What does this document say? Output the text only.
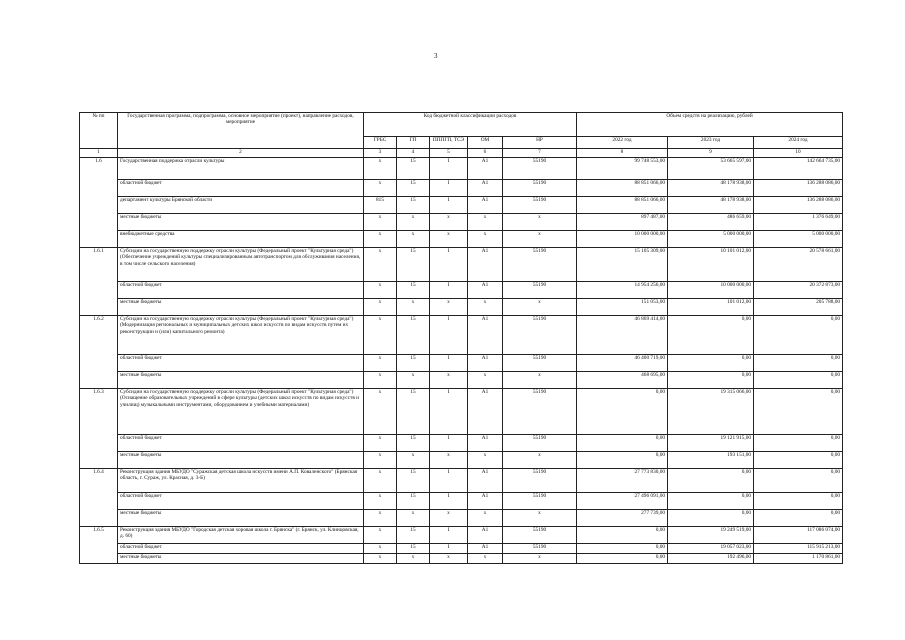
3
№ пп	Государственная программа, подпрограмма, основное мероприятие (проект), направление расходов, мероприятие	Код бюджетной классификации расходов					Объем средств на реализацию, рублей		
		ГРБС	ГП	ПППГП, ТСЭ	ОМ	НР	2022 год	2023 год	2024 год
1	2	3	4	5	6	7	8	9	10
1.6	Государственная поддержка отрасли культуры	х	15	I	А1	55190	99 748 553,00	53 665 597,00	142 664 735,00
	областной бюджет	х	15	I	А1	55190	88 851 066,00	48 178 938,00	136 288 086,00
	департамент культуры Брянской области	815	15	I	А1	55190	88 851 066,00	48 178 938,00	136 288 086,00
	местные бюджеты	х	х	х	х	х	897 487,00	486 659,00	1 376 649,00
	внебюджетные средства	х	х	х	х	х	10 000 000,00	5 000 000,00	5 000 000,00
1.6.1	Субсидии на государственную поддержку отрасли культуры (Федеральный проект "Культурная среда") (Обеспечение учреждений культуры специализированным автотранспортом для обслуживания населения, в том числе сельского населения)	х	15	I	А1	55190	15 105 309,00	10 101 012,00	20 578 661,00
	областной бюджет	х	15	I	А1	55190	14 954 256,00	10 000 000,00	20 372 873,00
	местные бюджеты	х	х	х	х	х	151 053,00	101 012,00	205 788,00
1.6.2	Субсидии на государственную поддержку отрасли культуры (Федеральный проект "Культурная среда") (Модернизация региональных и муниципальных детских школ искусств по видам искусств путем их реконструкции и (или) капитального ремонта)	х	15	I	А1	55190	46 869 414,00	0,00	0,00
	областной бюджет	х	15	I	А1	55190	46 400 719,00	0,00	0,00
	местные бюджеты	х	х	х	х	х	468 695,00	0,00	0,00
1.6.3	Субсидии на государственную поддержку отрасли культуры (Федеральный проект "Культурная среда") (Оснащение образовательных учреждений в сфере культуры (детских школ искусств по видам искусств и училищ) музыкальными инструментами, оборудованием и учебными материалами)	х	15	I	А1	55190	0,00	19 315 066,00	0,00
	областной бюджет	х	15	I	А1	55190	0,00	19 121 915,00	0,00
	местные бюджеты	х	х	х	х	х	0,00	193 151,00	0,00
1.6.4	Реконструкция здания МБУДО "Суражская детская школа искусств имени А.П. Коваленского" (Брянская область, г. Сураж, ул. Красная, д. 3-Б)	х	15	I	А1	55190	27 773 830,00	0,00	0,00
	областной бюджет	х	15	I	А1	55190	27 496 091,00	0,00	0,00
	местные бюджеты	х	х	х	х	х	277 739,00	0,00	0,00
1.6.5	Реконструкция здания МБУДО "Городская детская хоровая школа г. Брянска" (г. Брянск, ул. Клинцовская, д. 60)	х	15	I	А1	55190	0,00	19 249 519,00	117 086 074,00
	областной бюджет	х	15	I	А1	55190	0,00	19 057 023,00	115 915 213,00
	местные бюджеты	х	х	х	х	х	0,00	192 496,00	1 170 861,00
